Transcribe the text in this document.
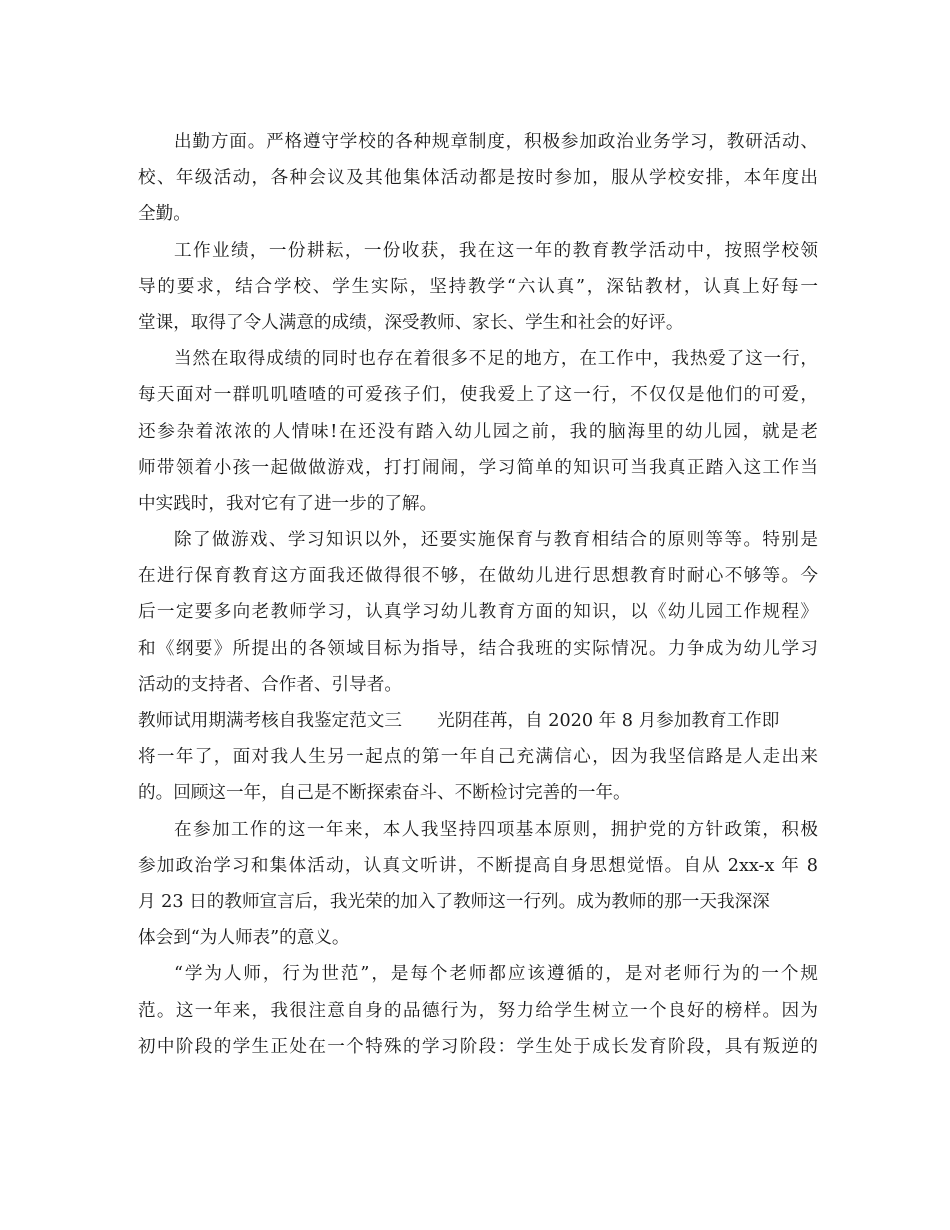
出勤方面。严格遵守学校的各种规章制度，积极参加政治业务学习，教研活动、
校、年级活动，各种会议及其他集体活动都是按时参加，服从学校安排，本年度出
全勤。
工作业绩，一份耕耘，一份收获，我在这一年的教育教学活动中，按照学校领
导的要求，结合学校、学生实际，坚持教学“六认真”，深钻教材，认真上好每一
堂课，取得了令人满意的成绩，深受教师、家长、学生和社会的好评。
当然在取得成绩的同时也存在着很多不足的地方，在工作中，我热爱了这一行，
每天面对一群叽叽喳喳的可爱孩子们，使我爱上了这一行，不仅仅是他们的可爱，
还参杂着浓浓的人情味!在还没有踏入幼儿园之前，我的脑海里的幼儿园，就是老
师带领着小孩一起做做游戏，打打闹闹，学习简单的知识可当我真正踏入这工作当
中实践时，我对它有了进一步的了解。
除了做游戏、学习知识以外，还要实施保育与教育相结合的原则等等。特别是
在进行保育教育这方面我还做得很不够，在做幼儿进行思想教育时耐心不够等。今
后一定要多向老教师学习，认真学习幼儿教育方面的知识，以《幼儿园工作规程》
和《纲要》所提出的各领域目标为指导，结合我班的实际情况。力争成为幼儿学习
活动的支持者、合作者、引导者。
教师试用期满考核自我鉴定范文三　　光阴荏苒，自 2020 年 8 月参加教育工作即
将一年了，面对我人生另一起点的第一年自己充满信心，因为我坚信路是人走出来
的。回顾这一年，自己是不断探索奋斗、不断检讨完善的一年。
在参加工作的这一年来，本人我坚持四项基本原则，拥护党的方针政策，积极
参加政治学习和集体活动，认真文听讲，不断提高自身思想觉悟。自从 2xx-x 年 8
月 23 日的教师宣言后，我光荣的加入了教师这一行列。成为教师的那一天我深深
体会到“为人师表”的意义。
“学为人师，行为世范”，是每个老师都应该遵循的，是对老师行为的一个规
范。这一年来，我很注意自身的品德行为，努力给学生树立一个良好的榜样。因为
初中阶段的学生正处在一个特殊的学习阶段：学生处于成长发育阶段，具有叛逆的
